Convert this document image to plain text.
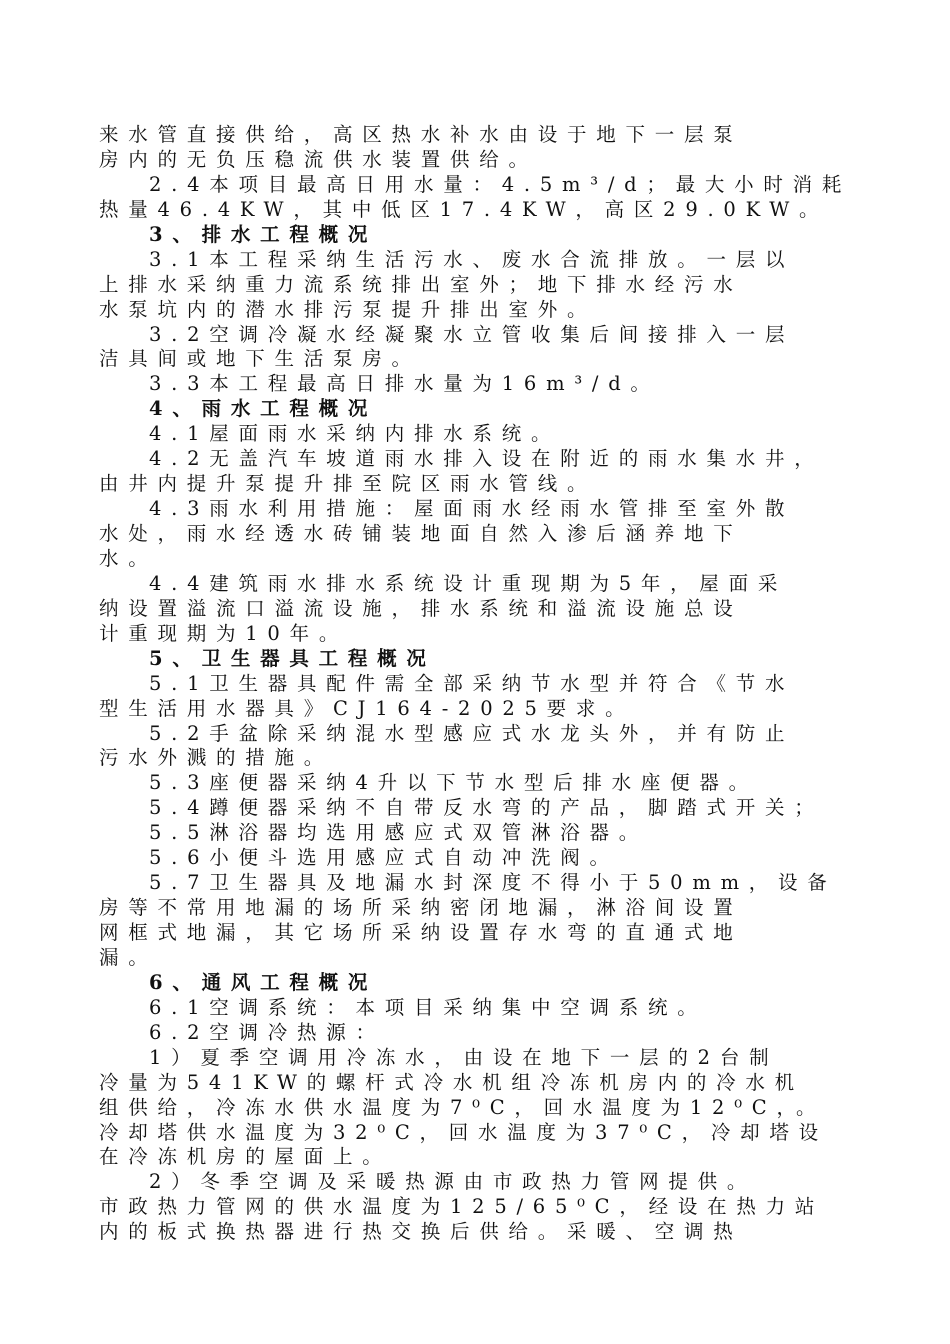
来水管直接供给，高区热水补水由设于地下一层泵
房内的无负压稳流供水装置供给。
2.4本项目最高日用水量：4.5m³/d；最大小时消耗
热量46.4KW，其中低区17.4KW，高区29.0KW。
3、排水工程概况
3.1本工程采纳生活污水、废水合流排放。一层以
上排水采纳重力流系统排出室外；地下排水经污水
水泵坑内的潜水排污泵提升排出室外。
3.2空调冷凝水经凝聚水立管收集后间接排入一层
洁具间或地下生活泵房。
3.3本工程最高日排水量为16m³/d。
4、雨水工程概况
4.1屋面雨水采纳内排水系统。
4.2无盖汽车坡道雨水排入设在附近的雨水集水井，
由井内提升泵提升排至院区雨水管线。
4.3雨水利用措施：屋面雨水经雨水管排至室外散
水处，雨水经透水砖铺装地面自然入渗后涵养地下
水。
4.4建筑雨水排水系统设计重现期为5年，屋面采
纳设置溢流口溢流设施，排水系统和溢流设施总设
计重现期为10年。
5、卫生器具工程概况
5.1卫生器具配件需全部采纳节水型并符合《节水
型生活用水器具》CJ164-2025要求。
5.2手盆除采纳混水型感应式水龙头外，并有防止
污水外溅的措施。
5.3座便器采纳4升以下节水型后排水座便器。
5.4蹲便器采纳不自带反水弯的产品，脚踏式开关；
5.5淋浴器均选用感应式双管淋浴器。
5.6小便斗选用感应式自动冲洗阀。
5.7卫生器具及地漏水封深度不得小于50mm，设备
房等不常用地漏的场所采纳密闭地漏，淋浴间设置
网框式地漏，其它场所采纳设置存水弯的直通式地
漏。
6、通风工程概况
6.1空调系统：本项目采纳集中空调系统。
6.2空调冷热源：
1）夏季空调用冷冻水，由设在地下一层的2台制
冷量为541KW的螺杆式冷水机组冷冻机房内的冷水机
组供给，冷冻水供水温度为7⁰C，回水温度为12⁰C，。
冷却塔供水温度为32⁰C，回水温度为37⁰C，冷却塔设
在冷冻机房的屋面上。
2）冬季空调及采暖热源由市政热力管网提供。
市政热力管网的供水温度为125/65⁰C，经设在热力站
内的板式换热器进行热交换后供给。采暖、空调热
